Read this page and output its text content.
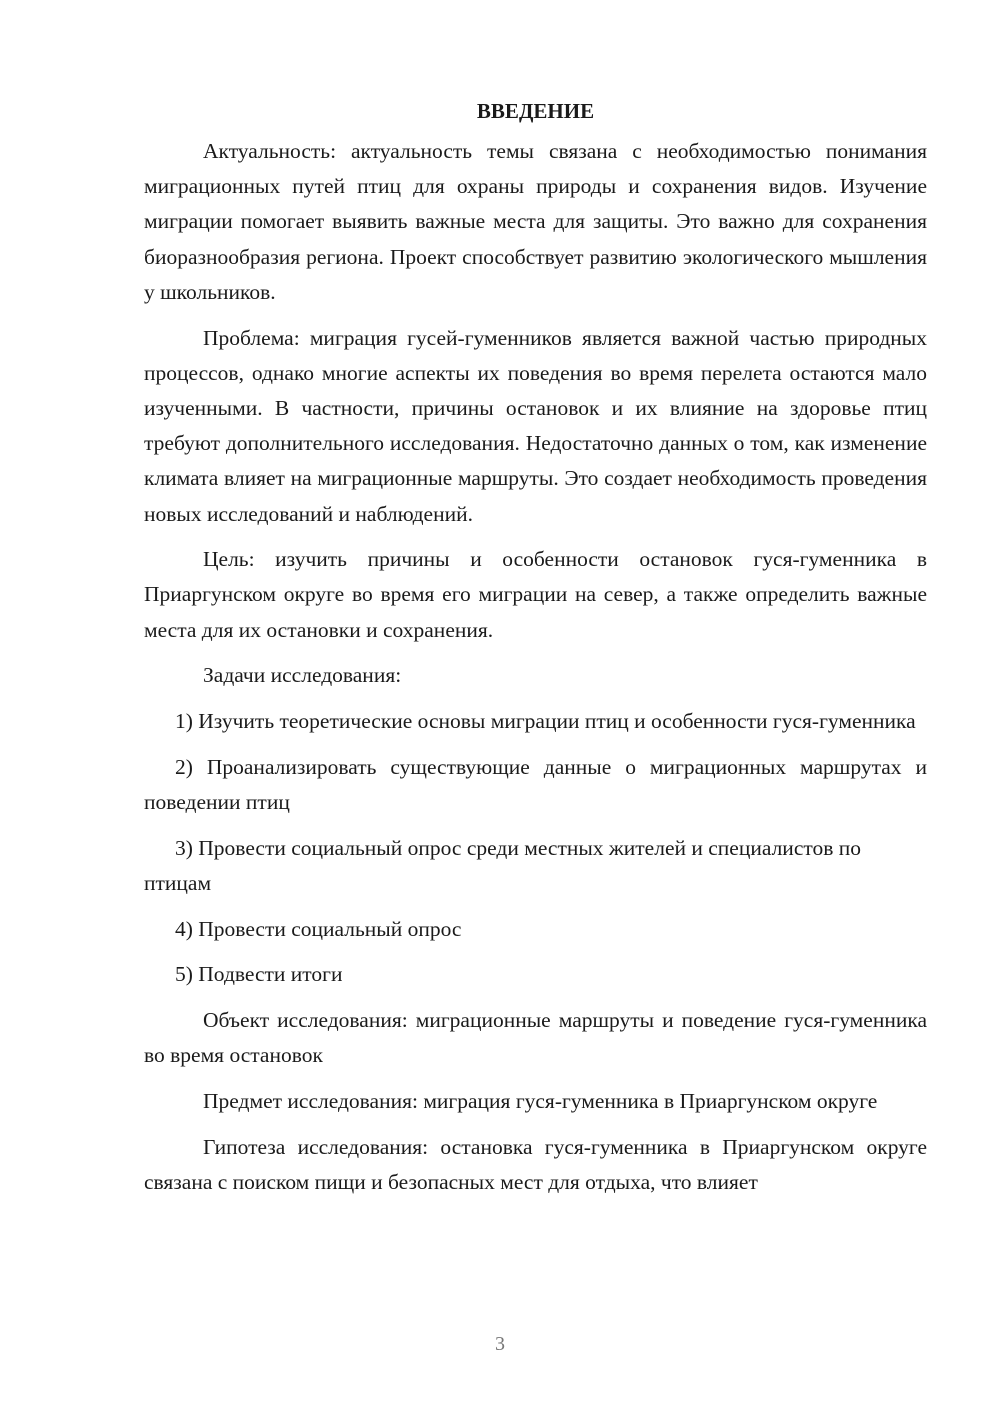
ВВЕДЕНИЕ

Актуальность: актуальность темы связана с необходимостью понимания миграционных путей птиц для охраны природы и сохранения видов. Изучение миграции помогает выявить важные места для защиты. Это важно для сохранения биоразнообразия региона. Проект способствует развитию экологического мышления у школьников.

Проблема: миграция гусей-гуменников является важной частью природных процессов, однако многие аспекты их поведения во время перелета остаются мало изученными. В частности, причины остановок и их влияние на здоровье птиц требуют дополнительного исследования. Недостаточно данных о том, как изменение климата влияет на миграционные маршруты. Это создает необходимость проведения новых исследований и наблюдений.

Цель: изучить причины и особенности остановок гуся-гуменника в Приаргунском округе во время его миграции на север, а также определить важные места для их остановки и сохранения.

Задачи исследования:

1) Изучить теоретические основы миграции птиц и особенности гуся-гуменника

2) Проанализировать существующие данные о миграционных маршрутах и поведении птиц

3) Провести социальный опрос среди местных жителей и специалистов по птицам

4) Провести социальный опрос

5) Подвести итоги

Объект исследования: миграционные маршруты и поведение гуся-гуменника во время остановок

Предмет исследования: миграция гуся-гуменника в Приаргунском округе

Гипотеза исследования: остановка гуся-гуменника в Приаргунском округе связана с поиском пищи и безопасных мест для отдыха, что влияет

3
